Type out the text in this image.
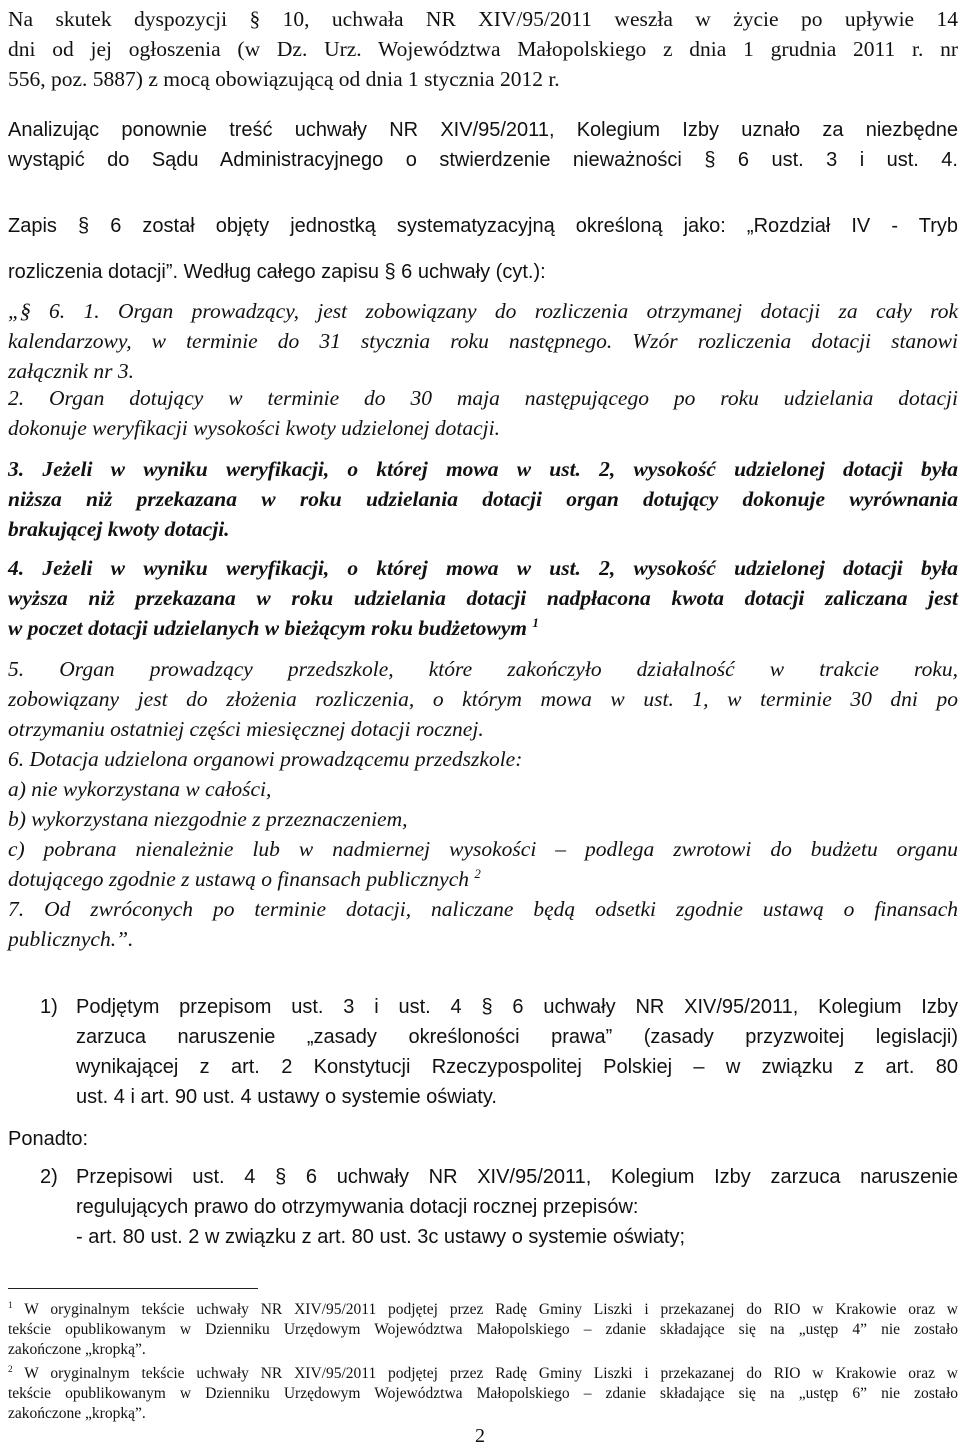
Na skutek dyspozycji § 10, uchwała NR XIV/95/2011 weszła w życie po upływie 14
dni od jej ogłoszenia (w Dz. Urz. Województwa Małopolskiego z dnia 1 grudnia 2011 r. nr
556, poz. 5887) z mocą obowiązującą od dnia 1 stycznia 2012 r.

Analizując ponownie treść uchwały NR XIV/95/2011, Kolegium Izby uznało za niezbędne
wystąpić do Sądu Administracyjnego o stwierdzenie nieważności § 6 ust. 3 i ust. 4.

Zapis § 6 został objęty jednostką systematyzacyjną określoną jako: „Rozdział IV - Tryb
rozliczenia dotacji”. Według całego zapisu § 6 uchwały (cyt.):

„§ 6. 1. Organ prowadzący, jest zobowiązany do rozliczenia otrzymanej dotacji za cały rok
kalendarzowy, w terminie do 31 stycznia roku następnego. Wzór rozliczenia dotacji stanowi
załącznik nr 3.

2. Organ dotujący w terminie do 30 maja następującego po roku udzielania dotacji
dokonuje weryfikacji wysokości kwoty udzielonej dotacji.

3. Jeżeli w wyniku weryfikacji, o której mowa w ust. 2, wysokość udzielonej dotacji była
niższa niż przekazana w roku udzielania dotacji organ dotujący dokonuje wyrównania
brakującej kwoty dotacji.

4. Jeżeli w wyniku weryfikacji, o której mowa w ust. 2, wysokość udzielonej dotacji była
wyższa niż przekazana w roku udzielania dotacji nadpłacona kwota dotacji zaliczana jest
w poczet dotacji udzielanych w bieżącym roku budżetowym $^1$

5. Organ prowadzący przedszkole, które zakończyło działalność w trakcie roku,
zobowiązany jest do złożenia rozliczenia, o którym mowa w ust. 1, w terminie 30 dni po
otrzymaniu ostatniej części miesięcznej dotacji rocznej.

6. Dotacja udzielona organowi prowadzącemu przedszkole:
a) nie wykorzystana w całości,
b) wykorzystana niezgodnie z przeznaczeniem,
c) pobrana nienależnie lub w nadmiernej wysokości – podlega zwrotowi do budżetu organu
dotującego zgodnie z ustawą o finansach publicznych $^2$

7. Od zwróconych po terminie dotacji, naliczane będą odsetki zgodnie ustawą o finansach
publicznych.”.

1) Podjętym przepisom ust. 3 i ust. 4 § 6 uchwały NR XIV/95/2011, Kolegium Izby
zarzuca naruszenie „zasady określoności prawa” (zasady przyzwoitej legislacji)
wynikającej z art. 2 Konstytucji Rzeczypospolitej Polskiej – w związku z art. 80
ust. 4 i art. 90 ust. 4 ustawy o systemie oświaty.

Ponadto:

2) Przepisowi ust. 4 § 6 uchwały NR XIV/95/2011, Kolegium Izby zarzuca naruszenie
regulujących prawo do otrzymywania dotacji rocznej przepisów:
- art. 80 ust. 2 w związku z art. 80 ust. 3c ustawy o systemie oświaty;

$^1$ W oryginalnym tekście uchwały NR XIV/95/2011 podjętej przez Radę Gminy Liszki i przekazanej do RIO w Krakowie oraz w
tekście opublikowanym w Dzienniku Urzędowym Województwa Małopolskiego – zdanie składające się na „ustęp 4” nie zostało
zakończone „kropką”.

$^2$ W oryginalnym tekście uchwały NR XIV/95/2011 podjętej przez Radę Gminy Liszki i przekazanej do RIO w Krakowie oraz w
tekście opublikowanym w Dzienniku Urzędowym Województwa Małopolskiego – zdanie składające się na „ustęp 6” nie zostało
zakończone „kropką”.

2
